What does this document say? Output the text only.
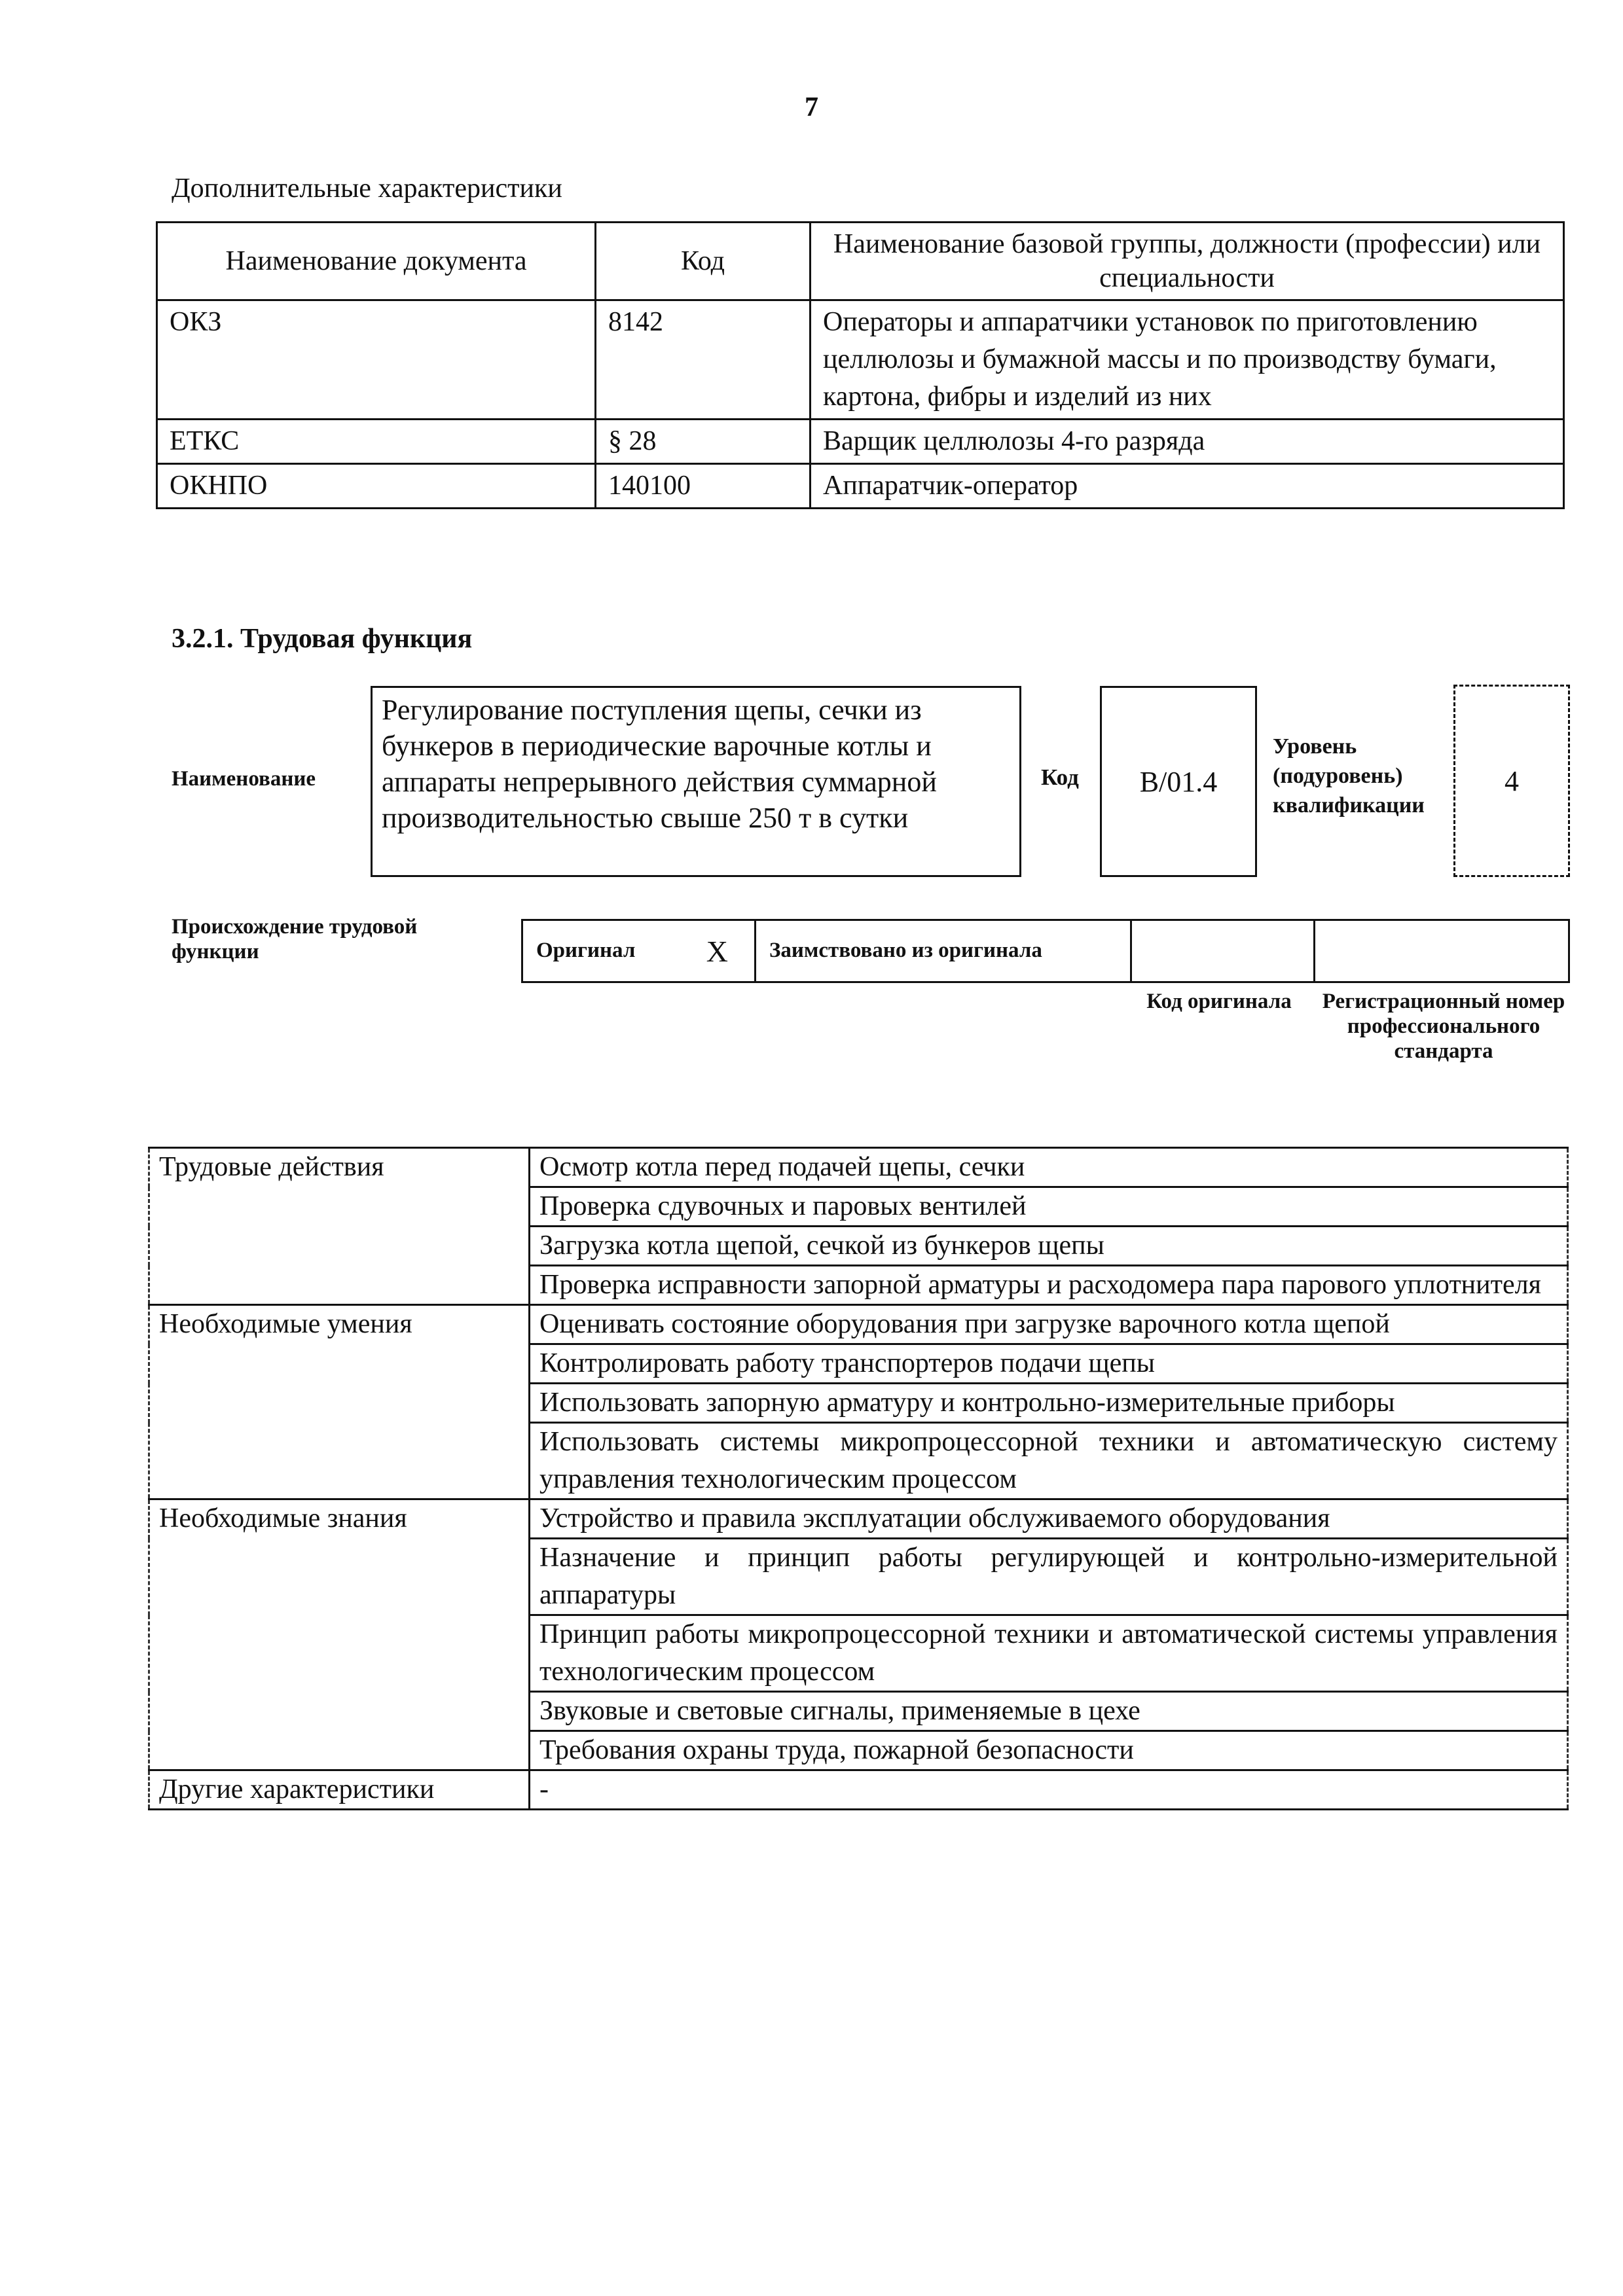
7
Дополнительные характеристики
Наименование документа	Код	Наименование базовой группы, должности (профессии) или специальности
ОКЗ	8142	Операторы и аппаратчики установок по приготовлению целлюлозы и бумажной массы и по производству бумаги, картона, фибры и изделий из них
ЕТКС	§ 28	Варщик целлюлозы 4-го разряда
ОКНПО	140100	Аппаратчик-оператор
3.2.1. Трудовая функция
Наименование
Регулирование поступления щепы, сечки из бункеров в периодические варочные котлы и аппараты непрерывного действия суммарной производительностью свыше 250 т в сутки
Код	B/01.4
Уровень
(подуровень)
квалификации
4
Происхождение трудовой функции	Оригинал X Заимствовано из оригинала
Код оригинала	Регистрационный номер профессионального стандарта
Трудовые действия	Осмотр котла перед подачей щепы, сечки
	Проверка сдувочных и паровых вентилей
	Загрузка котла щепой, сечкой из бункеров щепы
	Проверка исправности запорной арматуры и расходомера пара парового уплотнителя
Необходимые умения	Оценивать состояние оборудования при загрузке варочного котла щепой
	Контролировать работу транспортеров подачи щепы
	Использовать запорную арматуру и контрольно-измерительные приборы
	Использовать системы микропроцессорной техники и автоматическую систему управления технологическим процессом
Необходимые знания	Устройство и правила эксплуатации обслуживаемого оборудования
	Назначение и принцип работы регулирующей и контрольно-измерительной аппаратуры
	Принцип работы микропроцессорной техники и автоматической системы управления технологическим процессом
	Звуковые и световые сигналы, применяемые в цехе
	Требования охраны труда, пожарной безопасности
Другие характеристики	-
